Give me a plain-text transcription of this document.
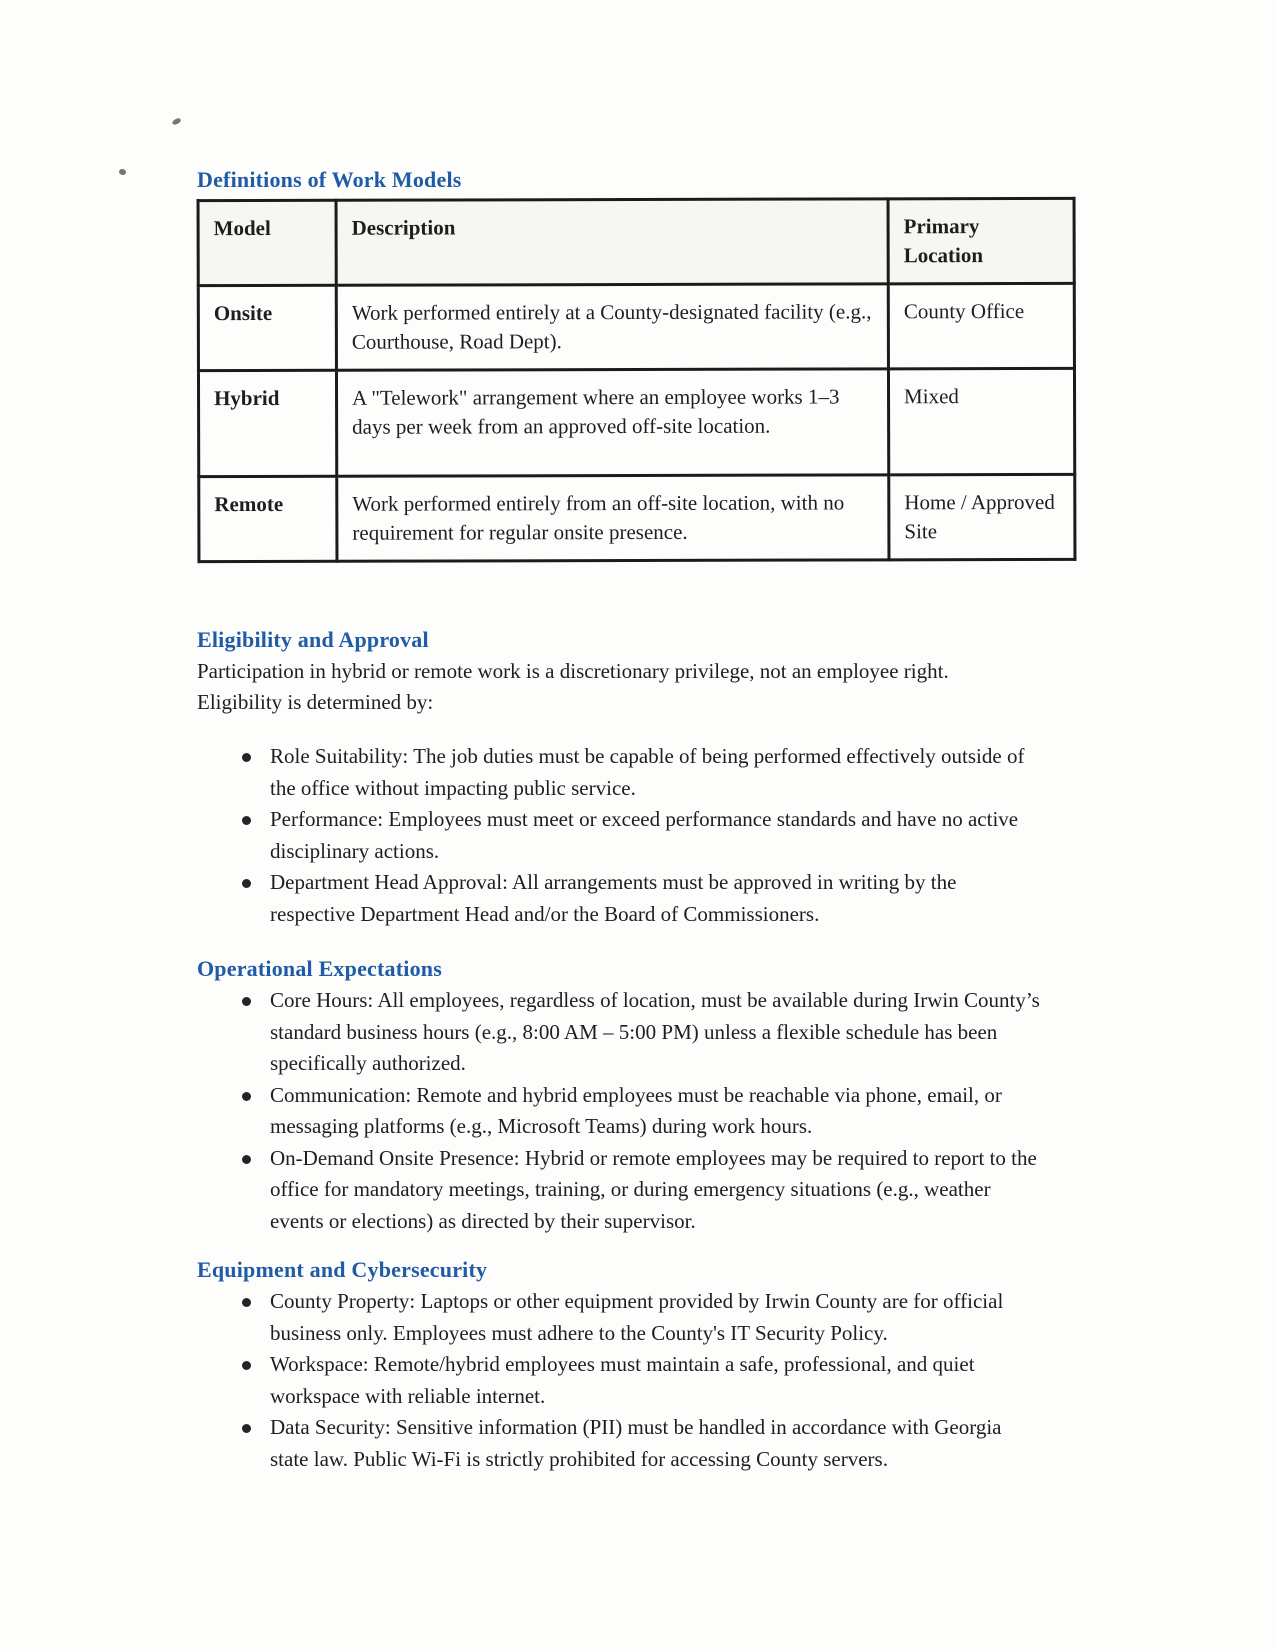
Definitions of Work Models
Model	Description	Primary Location
Onsite	Work performed entirely at a County-designated facility (e.g., Courthouse, Road Dept).	County Office
Hybrid	A "Telework" arrangement where an employee works 1–3 days per week from an approved off-site location.	Mixed
Remote	Work performed entirely from an off-site location, with no requirement for regular onsite presence.	Home / Approved Site
Eligibility and Approval

Participation in hybrid or remote work is a discretionary privilege, not an employee right. Eligibility is determined by:

Role Suitability: The job duties must be capable of being performed effectively outside of the office without impacting public service.
Performance: Employees must meet or exceed performance standards and have no active disciplinary actions.
Department Head Approval: All arrangements must be approved in writing by the respective Department Head and/or the Board of Commissioners.
Operational Expectations
Core Hours: All employees, regardless of location, must be available during Irwin County’s standard business hours (e.g., 8:00 AM – 5:00 PM) unless a flexible schedule has been specifically authorized.
Communication: Remote and hybrid employees must be reachable via phone, email, or messaging platforms (e.g., Microsoft Teams) during work hours.
On-Demand Onsite Presence: Hybrid or remote employees may be required to report to the office for mandatory meetings, training, or during emergency situations (e.g., weather events or elections) as directed by their supervisor.
Equipment and Cybersecurity
County Property: Laptops or other equipment provided by Irwin County are for official business only. Employees must adhere to the County's IT Security Policy.
Workspace: Remote/hybrid employees must maintain a safe, professional, and quiet workspace with reliable internet.
Data Security: Sensitive information (PII) must be handled in accordance with Georgia state law. Public Wi-Fi is strictly prohibited for accessing County servers.
